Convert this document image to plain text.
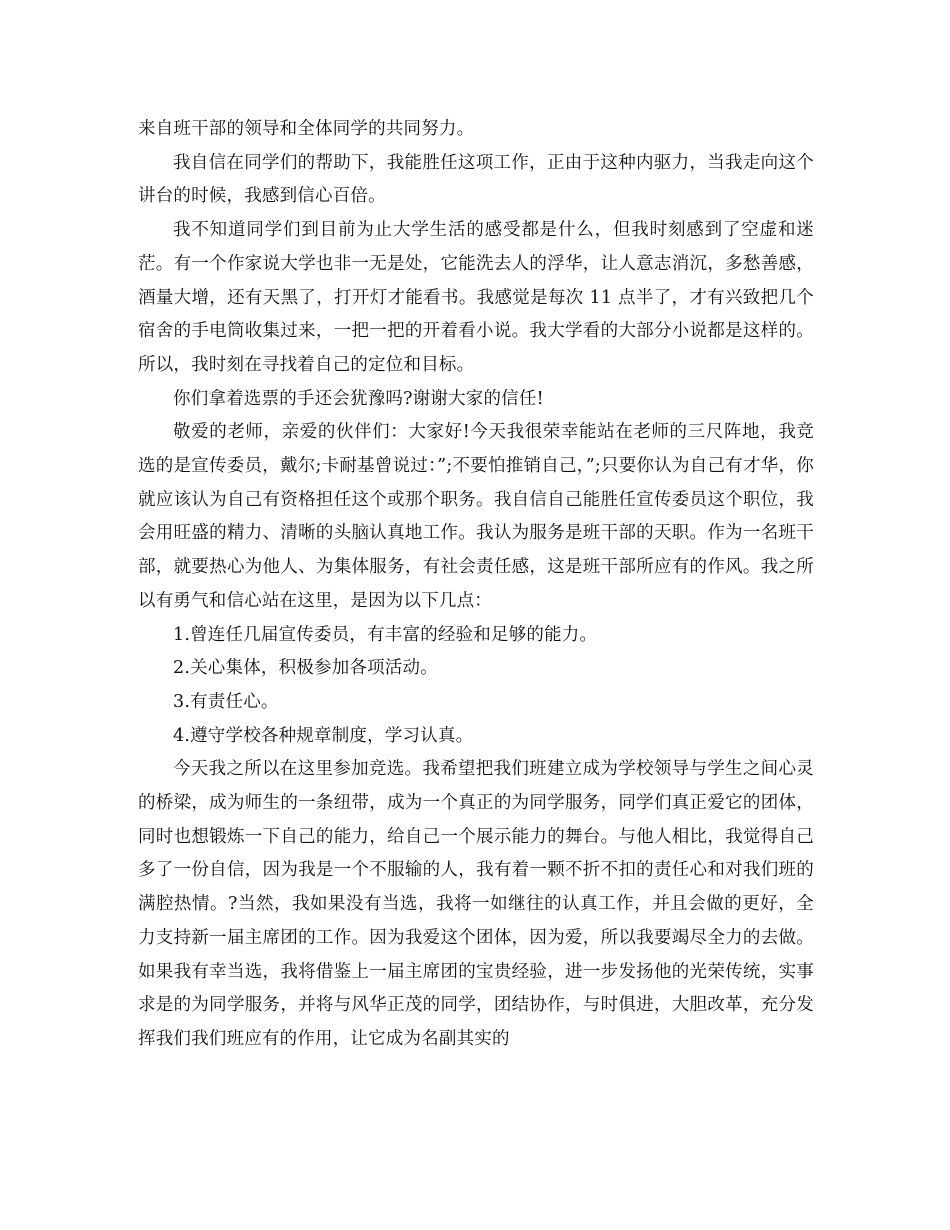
来自班干部的领导和全体同学的共同努力。

我自信在同学们的帮助下，我能胜任这项工作，正由于这种内驱力，当我走向这个讲台的时候，我感到信心百倍。

我不知道同学们到目前为止大学生活的感受都是什么，但我时刻感到了空虚和迷茫。有一个作家说大学也非一无是处，它能洗去人的浮华，让人意志消沉，多愁善感，酒量大增，还有天黑了，打开灯才能看书。我感觉是每次 11 点半了，才有兴致把几个宿舍的手电筒收集过来，一把一把的开着看小说。我大学看的大部分小说都是这样的。所以，我时刻在寻找着自己的定位和目标。

你们拿着选票的手还会犹豫吗?谢谢大家的信任!

敬爱的老师，亲爱的伙伴们：大家好!今天我很荣幸能站在老师的三尺阵地，我竞选的是宣传委员，戴尔;卡耐基曾说过：”;不要怕推销自己，”;只要你认为自己有才华，你就应该认为自己有资格担任这个或那个职务。我自信自己能胜任宣传委员这个职位，我会用旺盛的精力、清晰的头脑认真地工作。我认为服务是班干部的天职。作为一名班干部，就要热心为他人、为集体服务，有社会责任感，这是班干部所应有的作风。我之所以有勇气和信心站在这里，是因为以下几点：

1.曾连任几届宣传委员，有丰富的经验和足够的能力。

2.关心集体，积极参加各项活动。

3.有责任心。

4.遵守学校各种规章制度，学习认真。

今天我之所以在这里参加竞选。我希望把我们班建立成为学校领导与学生之间心灵的桥梁，成为师生的一条纽带，成为一个真正的为同学服务，同学们真正爱它的团体，同时也想锻炼一下自己的能力，给自己一个展示能力的舞台。与他人相比，我觉得自己多了一份自信，因为我是一个不服输的人，我有着一颗不折不扣的责任心和对我们班的满腔热情。?当然，我如果没有当选，我将一如继往的认真工作，并且会做的更好，全力支持新一届主席团的工作。因为我爱这个团体，因为爱，所以我要竭尽全力的去做。如果我有幸当选，我将借鉴上一届主席团的宝贵经验，进一步发扬他的光荣传统，实事求是的为同学服务，并将与风华正茂的同学，团结协作，与时俱进，大胆改革，充分发挥我们我们班应有的作用，让它成为名副其实的
